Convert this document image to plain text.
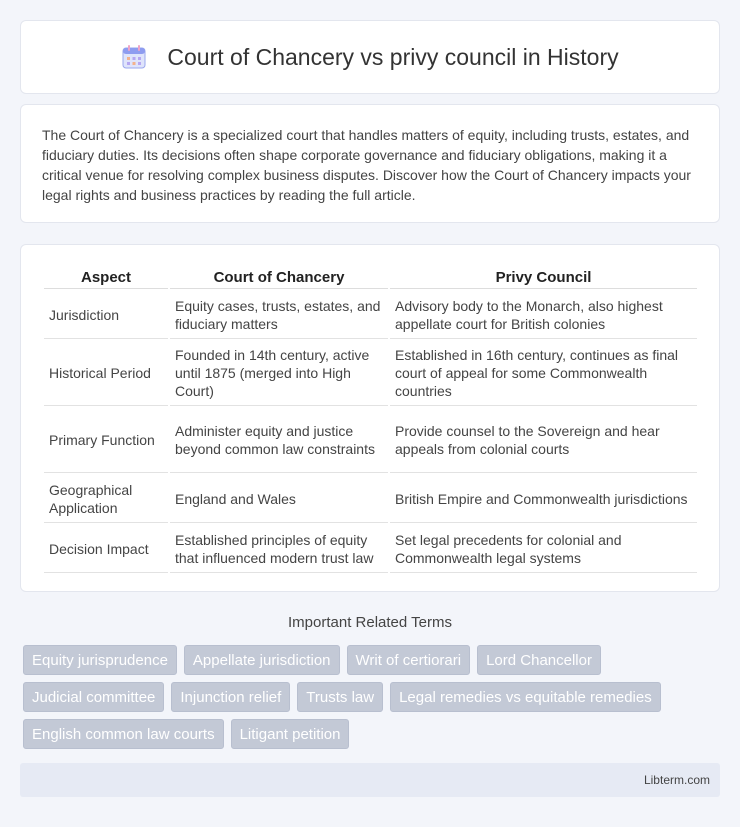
Court of Chancery vs privy council in History

The Court of Chancery is a specialized court that handles matters of equity, including trusts, estates, and fiduciary duties. Its decisions often shape corporate governance and fiduciary obligations, making it a critical venue for resolving complex business disputes. Discover how the Court of Chancery impacts your legal rights and business practices by reading the full article.

Aspect	Court of Chancery	Privy Council
Jurisdiction	Equity cases, trusts, estates, and fiduciary matters	Advisory body to the Monarch, also highest appellate court for British colonies
Historical Period	Founded in 14th century, active until 1875 (merged into High Court)	Established in 16th century, continues as final court of appeal for some Commonwealth countries
Primary Function	Administer equity and justice beyond common law constraints	Provide counsel to the Sovereign and hear appeals from colonial courts
Geographical Application	England and Wales	British Empire and Commonwealth jurisdictions
Decision Impact	Established principles of equity that influenced modern trust law	Set legal precedents for colonial and Commonwealth legal systems
Important Related Terms
Equity jurisprudence	Appellate jurisdiction	Writ of certiorari	Lord Chancellor
Judicial committee	Injunction relief	Trusts law	Legal remedies vs equitable remedies
English common law courts	Litigant petition
Libterm.com
